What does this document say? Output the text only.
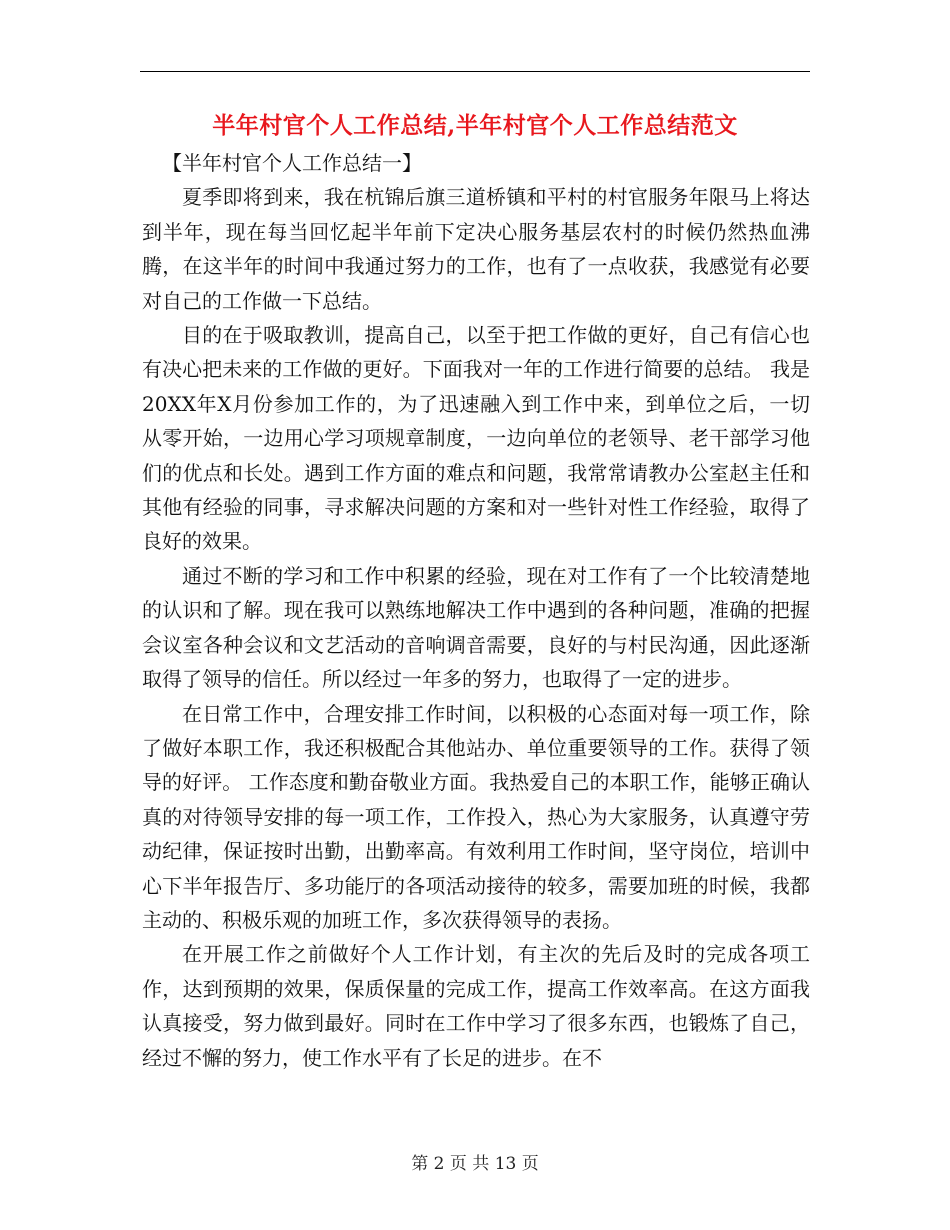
半年村官个人工作总结,半年村官个人工作总结范文

【半年村官个人工作总结一】

夏季即将到来，我在杭锦后旗三道桥镇和平村的村官服务年限马上将达到半年，现在每当回忆起半年前下定决心服务基层农村的时候仍然热血沸腾，在这半年的时间中我通过努力的工作，也有了一点收获，我感觉有必要对自己的工作做一下总结。

目的在于吸取教训，提高自己，以至于把工作做的更好，自己有信心也有决心把未来的工作做的更好。下面我对一年的工作进行简要的总结。 我是20XX年X月份参加工作的，为了迅速融入到工作中来，到单位之后，一切从零开始，一边用心学习项规章制度，一边向单位的老领导、老干部学习他们的优点和长处。遇到工作方面的难点和问题，我常常请教办公室赵主任和其他有经验的同事，寻求解决问题的方案和对一些针对性工作经验，取得了良好的效果。

通过不断的学习和工作中积累的经验，现在对工作有了一个比较清楚地的认识和了解。现在我可以熟练地解决工作中遇到的各种问题，准确的把握会议室各种会议和文艺活动的音响调音需要，良好的与村民沟通，因此逐渐取得了领导的信任。所以经过一年多的努力，也取得了一定的进步。

在日常工作中，合理安排工作时间，以积极的心态面对每一项工作，除了做好本职工作，我还积极配合其他站办、单位重要领导的工作。获得了领导的好评。 工作态度和勤奋敬业方面。我热爱自己的本职工作，能够正确认真的对待领导安排的每一项工作，工作投入，热心为大家服务，认真遵守劳动纪律，保证按时出勤，出勤率高。有效利用工作时间，坚守岗位，培训中心下半年报告厅、多功能厅的各项活动接待的较多，需要加班的时候，我都主动的、积极乐观的加班工作，多次获得领导的表扬。

在开展工作之前做好个人工作计划，有主次的先后及时的完成各项工作，达到预期的效果，保质保量的完成工作，提高工作效率高。在这方面我认真接受，努力做到最好。同时在工作中学习了很多东西，也锻炼了自己，经过不懈的努力，使工作水平有了长足的进步。在不

第 2 页 共 13 页
